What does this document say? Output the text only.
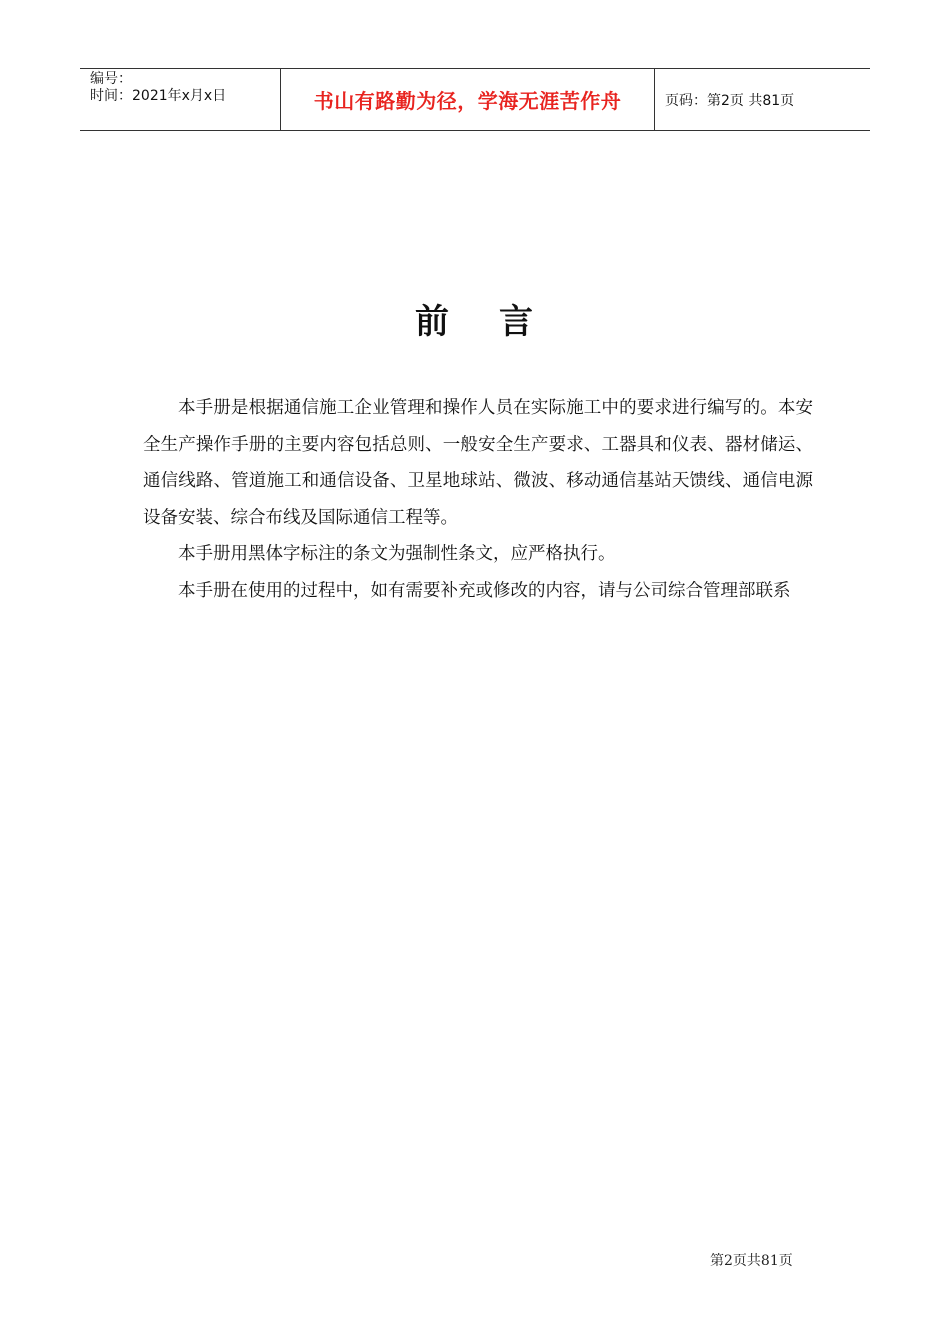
编号：
时间：2021年x月x日	书山有路勤为径，学海无涯苦作舟	页码：第2页 共81页
前 言

本手册是根据通信施工企业管理和操作人员在实际施工中的要求进行编写的。本安全生产操作手册的主要内容包括总则、一般安全生产要求、工器具和仪表、器材储运、通信线路、管道施工和通信设备、卫星地球站、微波、移动通信基站天馈线、通信电源设备安装、综合布线及国际通信工程等。

本手册用黑体字标注的条文为强制性条文，应严格执行。

本手册在使用的过程中，如有需要补充或修改的内容，请与公司综合管理部联系

第2页共81页
